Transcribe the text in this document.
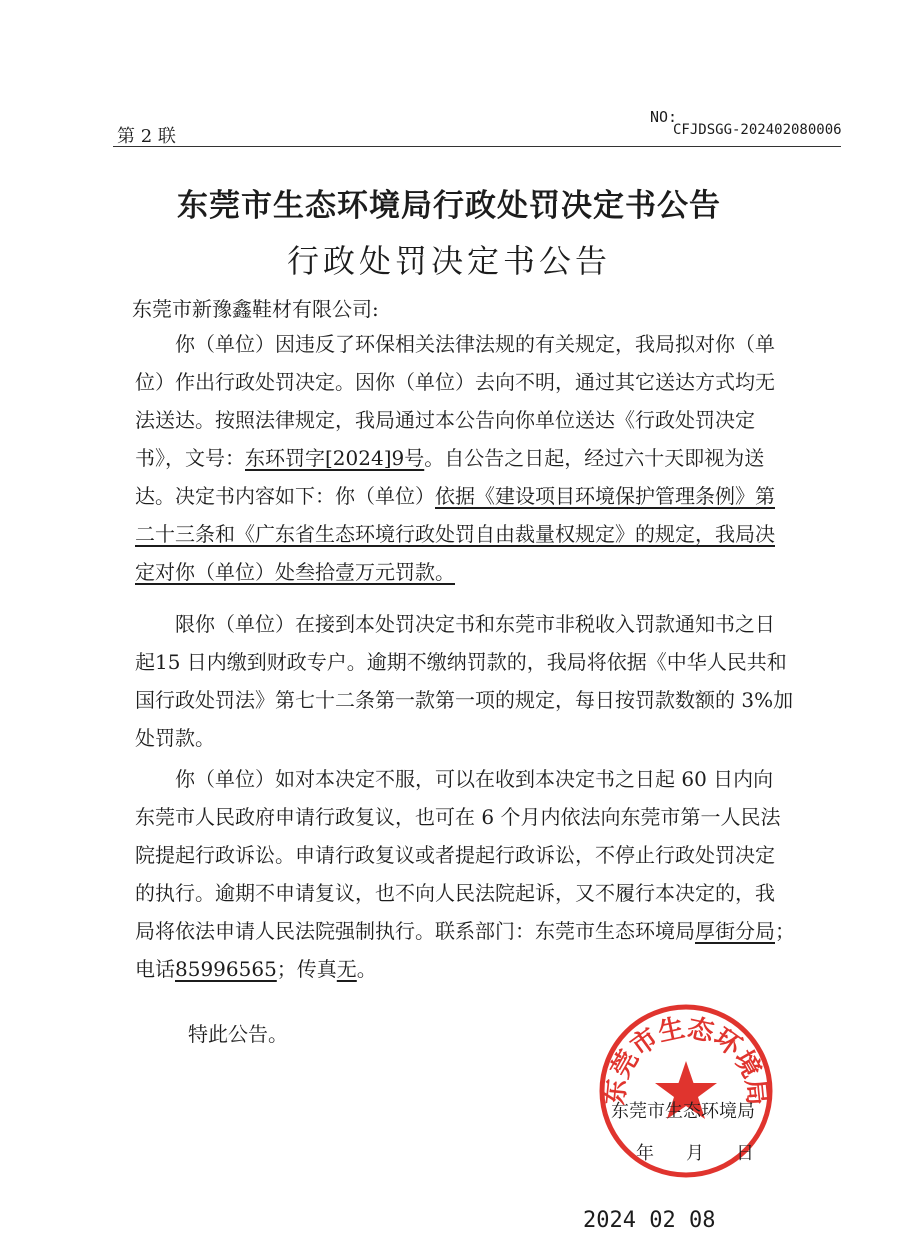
第 2 联
NO:
CFJDSGG-202402080006
东莞市生态环境局行政处罚决定书公告
行政处罚决定书公告
东莞市新豫鑫鞋材有限公司:
　　你（单位）因违反了环保相关法律法规的有关规定，我局拟对你（单
位）作出行政处罚决定。因你（单位）去向不明，通过其它送达方式均无
法送达。按照法律规定，我局通过本公告向你单位送达《行政处罚决定
书》，文号：东环罚字[2024]9号。自公告之日起，经过六十天即视为送
达。决定书内容如下：你（单位）依据《建设项目环境保护管理条例》第
二十三条和《广东省生态环境行政处罚自由裁量权规定》的规定，我局决
定对你（单位）处叁拾壹万元罚款。
　　限你（单位）在接到本处罚决定书和东莞市非税收入罚款通知书之日
起15 日内缴到财政专户。逾期不缴纳罚款的，我局将依据《中华人民共和
国行政处罚法》第七十二条第一款第一项的规定，每日按罚款数额的 3%加
处罚款。
　　你（单位）如对本决定不服，可以在收到本决定书之日起 60 日内向
东莞市人民政府申请行政复议，也可在 6 个月内依法向东莞市第一人民法
院提起行政诉讼。申请行政复议或者提起行政诉讼，不停止行政处罚决定
的执行。逾期不申请复议，也不向人民法院起诉，又不履行本决定的，我
局将依法申请人民法院强制执行。联系部门：东莞市生态环境局厚街分局；
电话85996565；传真无。
特此公告。
东莞市生态环境局
东莞市生态环境局
年月日
2024 02 08
